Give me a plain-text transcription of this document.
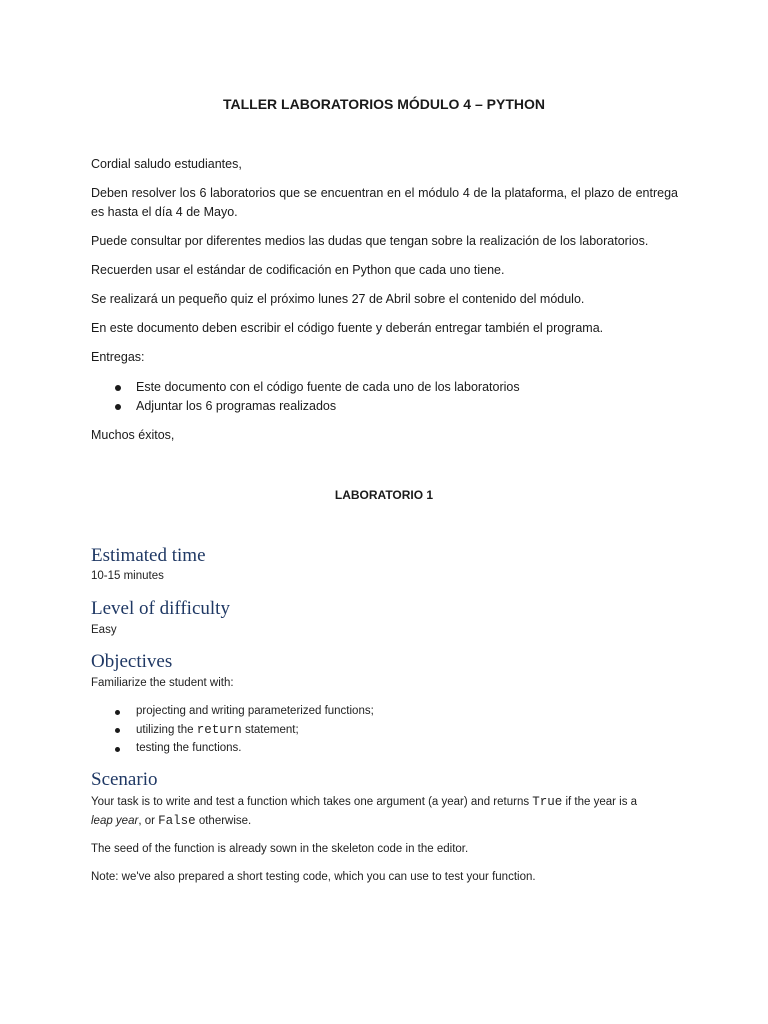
TALLER LABORATORIOS MÓDULO 4 – PYTHON
Cordial saludo estudiantes,
Deben resolver los 6 laboratorios que se encuentran en el módulo 4 de la plataforma, el plazo de entrega es hasta el día 4 de Mayo.
Puede consultar por diferentes medios las dudas que tengan sobre la realización de los laboratorios.
Recuerden usar el estándar de codificación en Python que cada uno tiene.
Se realizará un pequeño quiz el próximo lunes 27 de Abril sobre el contenido del módulo.
En este documento deben escribir el código fuente y deberán entregar también el programa.
Entregas:
Este documento con el código fuente de cada uno de los laboratorios
Adjuntar los 6 programas realizados
Muchos éxitos,
LABORATORIO 1
Estimated time
10-15 minutes
Level of difficulty
Easy
Objectives
Familiarize the student with:
projecting and writing parameterized functions;
utilizing the return statement;
testing the functions.
Scenario
Your task is to write and test a function which takes one argument (a year) and returns True if the year is a
leap year, or False otherwise.
The seed of the function is already sown in the skeleton code in the editor.
Note: we've also prepared a short testing code, which you can use to test your function.
